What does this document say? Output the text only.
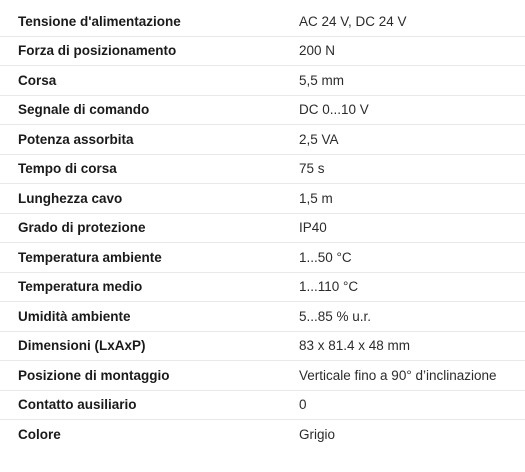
Tensione d'alimentazione	AC 24 V, DC 24 V
Forza di posizionamento	200 N
Corsa	5,5 mm
Segnale di comando	DC 0...10 V
Potenza assorbita	2,5 VA
Tempo di corsa	75 s
Lunghezza cavo	1,5 m
Grado di protezione	IP40
Temperatura ambiente	1...50 °C
Temperatura medio	1...110 °C
Umidità ambiente	5...85 % u.r.
Dimensioni (LxAxP)	83 x 81.4 x 48 mm
Posizione di montaggio	Verticale fino a 90° d’inclinazione
Contatto ausiliario	0
Colore	Grigio
